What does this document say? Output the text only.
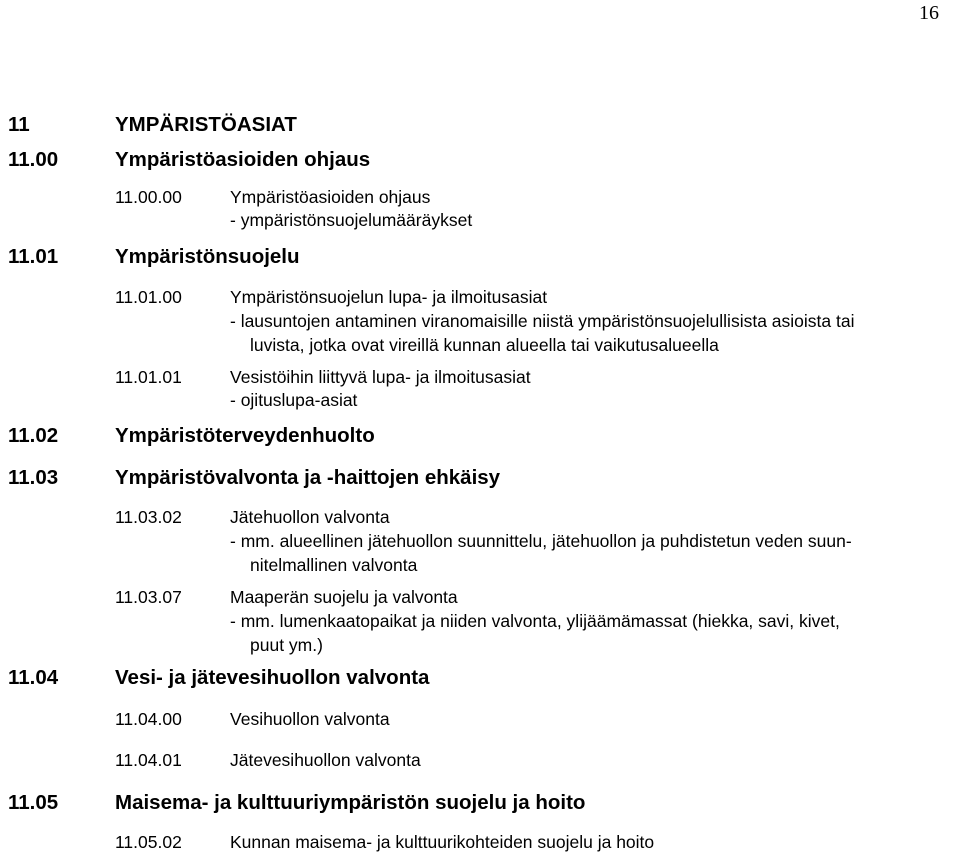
16
11	YMPÄRISTÖASIAT
11.00	Ympäristöasioiden ohjaus
11.00.00	Ympäristöasioiden ohjaus
- ympäristönsuojelumääräykset
11.01	Ympäristönsuojelu
11.01.00	Ympäristönsuojelun lupa- ja ilmoitusasiat
- lausuntojen antaminen viranomaisille niistä ympäristönsuojelullisista asioista tai
luvista, jotka ovat vireillä kunnan alueella tai vaikutusalueella
11.01.01	Vesistöihin liittyvä lupa- ja ilmoitusasiat
- ojituslupa-asiat
11.02	Ympäristöterveydenhuolto
11.03	Ympäristövalvonta ja -haittojen ehkäisy
11.03.02	Jätehuollon valvonta
- mm. alueellinen jätehuollon suunnittelu, jätehuollon ja puhdistetun veden suun-
nitelmallinen valvonta
11.03.07	Maaperän suojelu ja valvonta
- mm. lumenkaatopaikat ja niiden valvonta, ylijäämämassat (hiekka, savi, kivet,
puut ym.)
11.04	Vesi- ja jätevesihuollon valvonta
11.04.00	Vesihuollon valvonta
11.04.01	Jätevesihuollon valvonta
11.05	Maisema- ja kulttuuriympäristön suojelu ja hoito
11.05.02	Kunnan maisema- ja kulttuurikohteiden suojelu ja hoito
